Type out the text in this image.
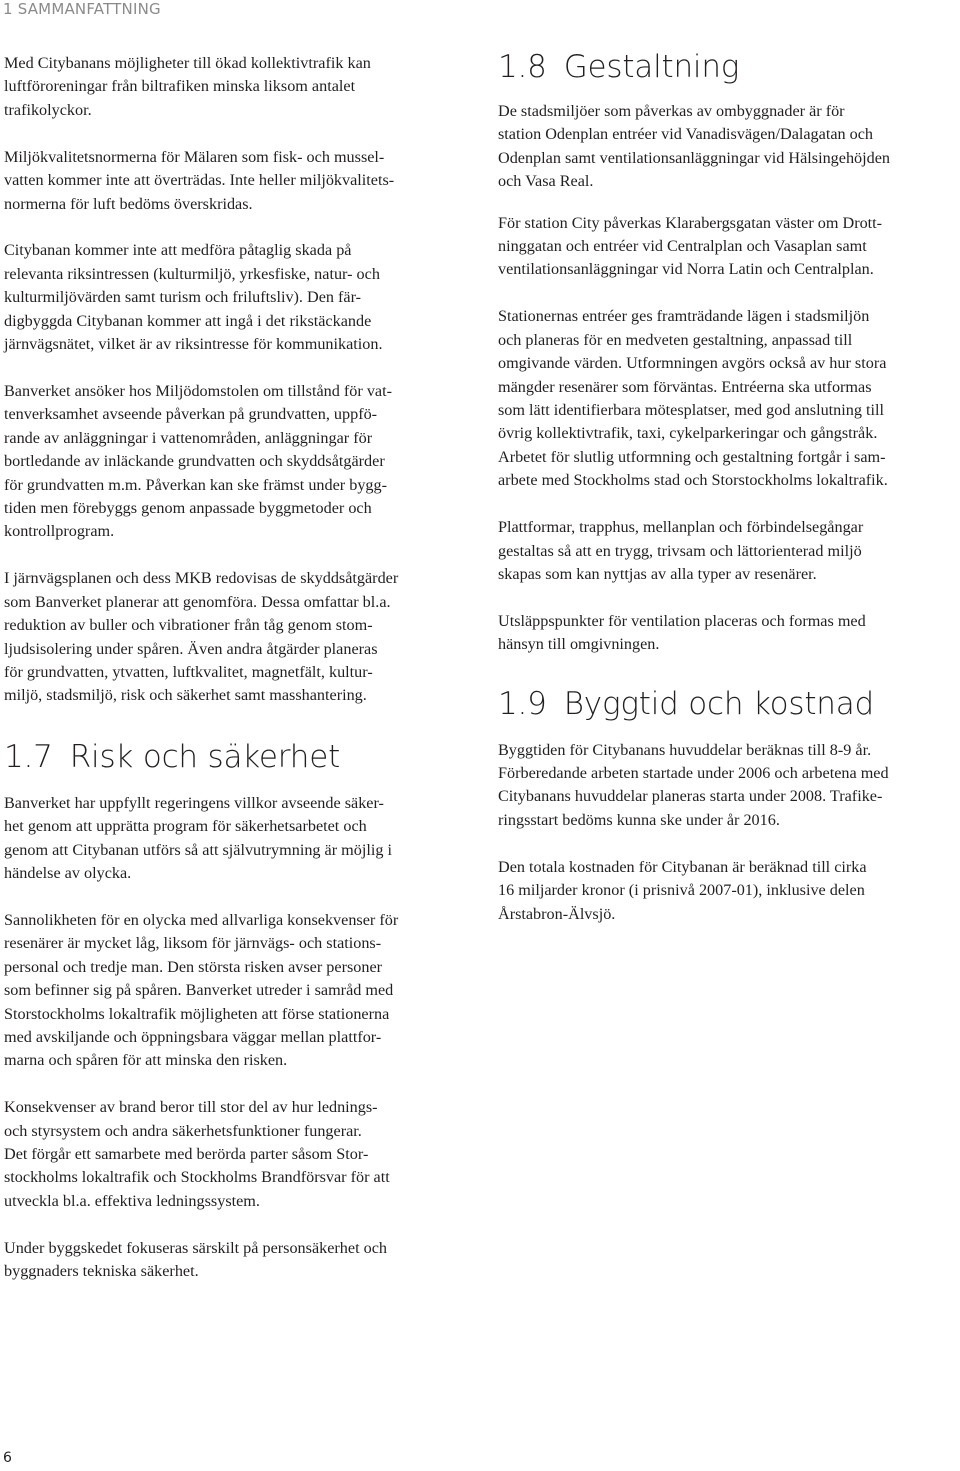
1 SAMMANFATTNING

Med Citybanans möjligheter till ökad kollektivtrafik kan
luftföroreningar från biltrafiken minska liksom antalet
trafikolyckor.

Miljökvalitetsnormerna för Mälaren som fisk- och mussel-
vatten kommer inte att överträdas. Inte heller miljökvalitets-
normerna för luft bedöms överskridas.

Citybanan kommer inte att medföra påtaglig skada på
relevanta riksintressen (kulturmiljö, yrkesfiske, natur- och
kulturmiljövärden samt turism och friluftsliv). Den fär-
digbyggda Citybanan kommer att ingå i det rikstäckande
järnvägsnätet, vilket är av riksintresse för kommunikation.

Banverket ansöker hos Miljödomstolen om tillstånd för vat-
tenverksamhet avseende påverkan på grundvatten, uppfö-
rande av anläggningar i vattenområden, anläggningar för
bortledande av inläckande grundvatten och skyddsåtgärder
för grundvatten m.m. Påverkan kan ske främst under bygg-
tiden men förebyggs genom anpassade byggmetoder och
kontrollprogram.

I järnvägsplanen och dess MKB redovisas de skyddsåtgärder
som Banverket planerar att genomföra. Dessa omfattar bl.a.
reduktion av buller och vibrationer från tåg genom stom-
ljudsisolering under spåren. Även andra åtgärder planeras
för grundvatten, ytvatten, luftkvalitet, magnetfält, kultur-
miljö, stadsmiljö, risk och säkerhet samt masshantering.

1.7 Risk och säkerhet

Banverket har uppfyllt regeringens villkor avseende säker-
het genom att upprätta program för säkerhetsarbetet och
genom att Citybanan utförs så att självutrymning är möjlig i
händelse av olycka.

Sannolikheten för en olycka med allvarliga konsekvenser för
resenärer är mycket låg, liksom för järnvägs- och stations-
personal och tredje man. Den största risken avser personer
som befinner sig på spåren. Banverket utreder i samråd med
Storstockholms lokaltrafik möjligheten att förse stationerna
med avskiljande och öppningsbara väggar mellan plattfor-
marna och spåren för att minska den risken.

Konsekvenser av brand beror till stor del av hur lednings-
och styrsystem och andra säkerhetsfunktioner fungerar.
Det förgår ett samarbete med berörda parter såsom Stor-
stockholms lokaltrafik och Stockholms Brandförsvar för att
utveckla bl.a. effektiva ledningssystem.

Under byggskedet fokuseras särskilt på personsäkerhet och
byggnaders tekniska säkerhet.

1.8 Gestaltning

De stadsmiljöer som påverkas av ombyggnader är för
station Odenplan entréer vid Vanadisvägen/Dalagatan och
Odenplan samt ventilationsanläggningar vid Hälsingehöjden
och Vasa Real.

För station City påverkas Klarabergsgatan väster om Drott-
ninggatan och entréer vid Centralplan och Vasaplan samt
ventilationsanläggningar vid Norra Latin och Centralplan.

Stationernas entréer ges framträdande lägen i stadsmiljön
och planeras för en medveten gestaltning, anpassad till
omgivande värden. Utformningen avgörs också av hur stora
mängder resenärer som förväntas. Entréerna ska utformas
som lätt identifierbara mötesplatser, med god anslutning till
övrig kollektivtrafik, taxi, cykelparkeringar och gångstråk.
Arbetet för slutlig utformning och gestaltning fortgår i sam-
arbete med Stockholms stad och Storstockholms lokaltrafik.

Plattformar, trapphus, mellanplan och förbindelsegångar
gestaltas så att en trygg, trivsam och lättorienterad miljö
skapas som kan nyttjas av alla typer av resenärer.

Utsläppspunkter för ventilation placeras och formas med
hänsyn till omgivningen.

1.9 Byggtid och kostnad

Byggtiden för Citybanans huvuddelar beräknas till 8-9 år.
Förberedande arbeten startade under 2006 och arbetena med
Citybanans huvuddelar planeras starta under 2008. Trafike-
ringsstart bedöms kunna ske under år 2016.

Den totala kostnaden för Citybanan är beräknad till cirka
16 miljarder kronor (i prisnivå 2007-01), inklusive delen
Årstabron-Älvsjö.

6
